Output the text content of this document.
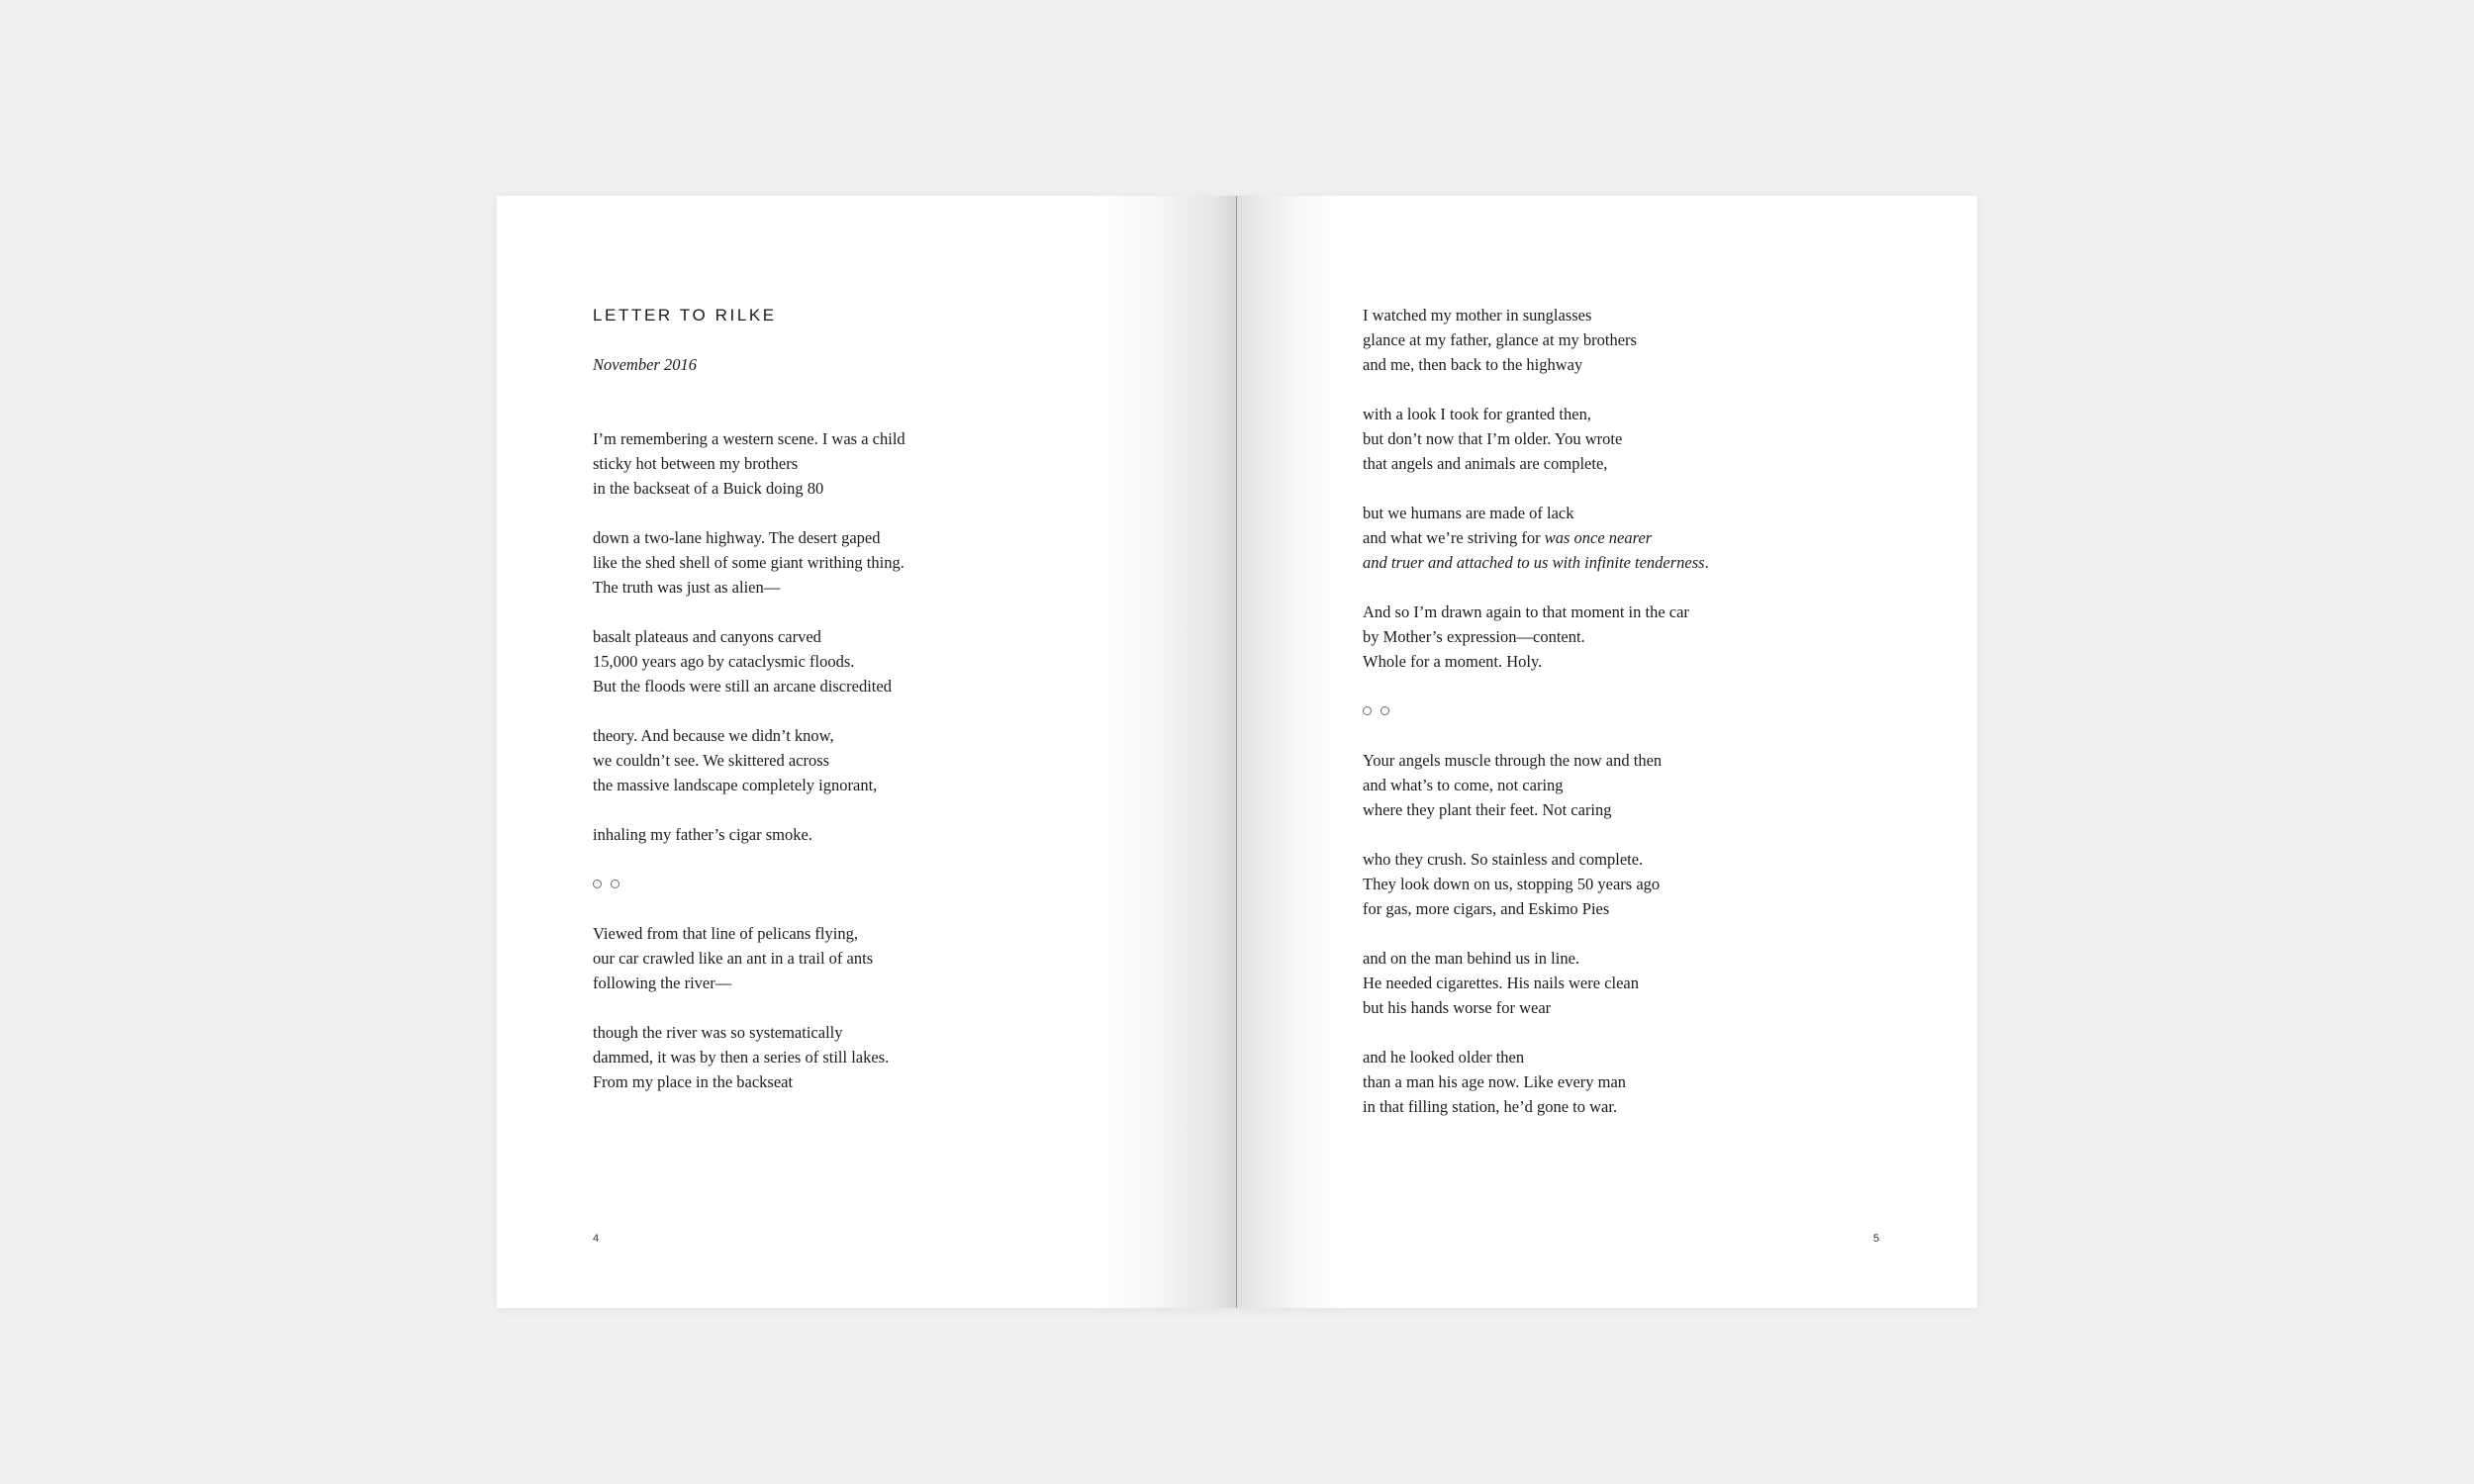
LETTER TO RILKE
November 2016
I’m remembering a western scene. I was a child
sticky hot between my brothers
in the backseat of a Buick doing 80
down a two-lane highway. The desert gaped
like the shed shell of some giant writhing thing.
The truth was just as alien—
basalt plateaus and canyons carved
15,000 years ago by cataclysmic floods.
But the floods were still an arcane discredited
theory. And because we didn’t know,
we couldn’t see. We skittered across
the massive landscape completely ignorant,
inhaling my father’s cigar smoke.
Viewed from that line of pelicans flying,
our car crawled like an ant in a trail of ants
following the river—
though the river was so systematically
dammed, it was by then a series of still lakes.
From my place in the backseat
4
I watched my mother in sunglasses
glance at my father, glance at my brothers
and me, then back to the highway
with a look I took for granted then,
but don’t now that I’m older. You wrote
that angels and animals are complete,
but we humans are made of lack
and what we’re striving for was once nearer
and truer and attached to us with infinite tenderness.
And so I’m drawn again to that moment in the car
by Mother’s expression—content.
Whole for a moment. Holy.
Your angels muscle through the now and then
and what’s to come, not caring
where they plant their feet. Not caring
who they crush. So stainless and complete.
They look down on us, stopping 50 years ago
for gas, more cigars, and Eskimo Pies
and on the man behind us in line.
He needed cigarettes. His nails were clean
but his hands worse for wear
and he looked older then
than a man his age now. Like every man
in that filling station, he’d gone to war.
5
